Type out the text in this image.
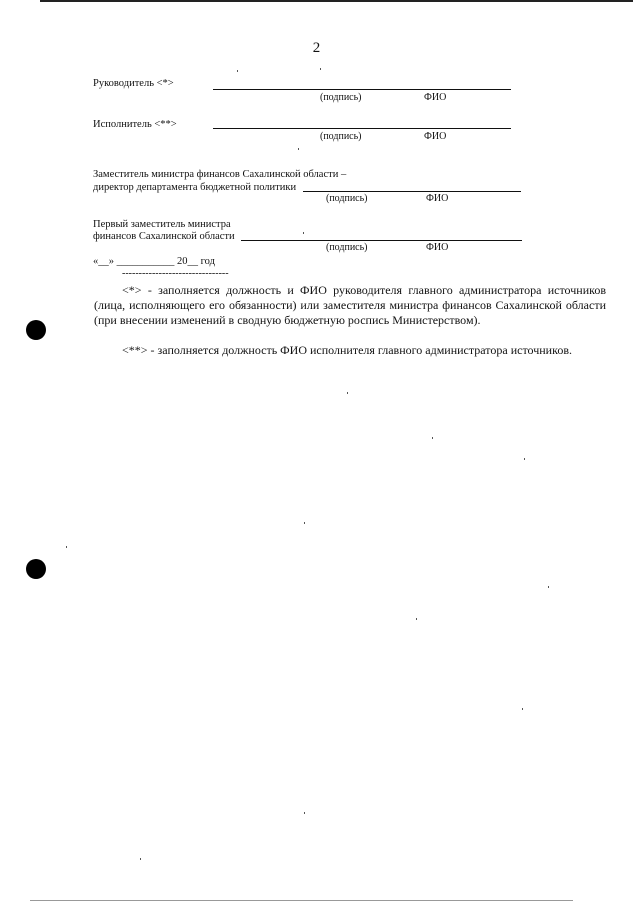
2
Руководитель <*>
(подпись)	ФИО
Исполнитель <**>
(подпись)	ФИО
Заместитель министра финансов Сахалинской области –
директор департамента бюджетной политики
(подпись)	ФИО
Первый заместитель министра
финансов Сахалинской области
(подпись)	ФИО
«__» ___________ 20__ год
--------------------------------
<*> - заполняется должность и ФИО руководителя главного администратора источников (лица, исполняющего его обязанности) или заместителя министра финансов Сахалинской области (при внесении изменений в сводную бюджетную роспись Министерством).
<**> - заполняется должность ФИО исполнителя главного администратора источников.
